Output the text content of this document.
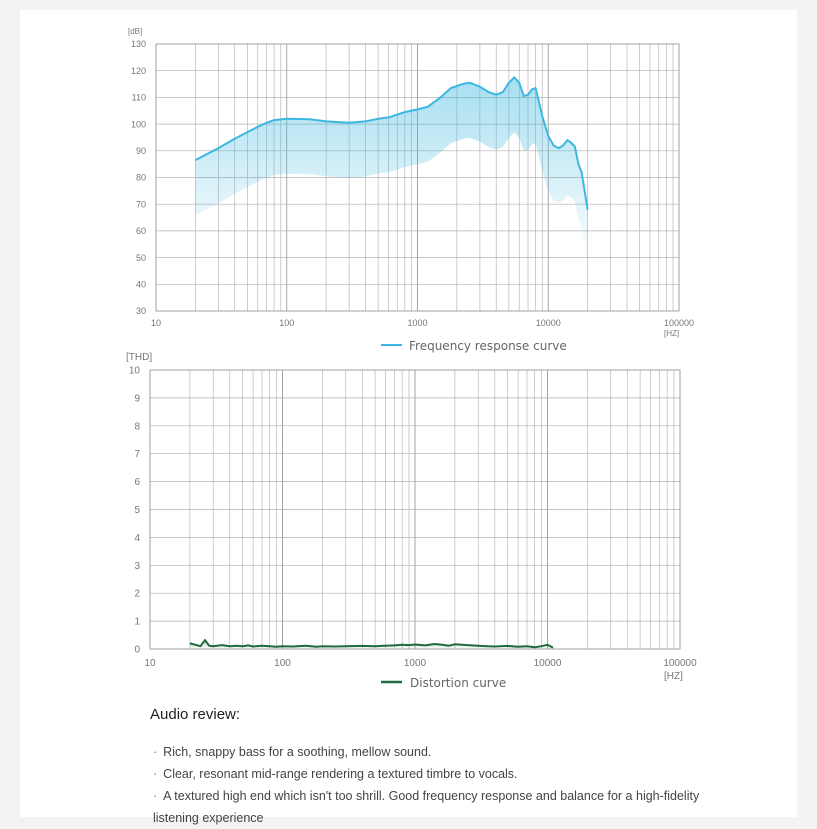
30
40
50
60
70
80
90
100
110
120
130
10	100	1000	10000	100000
[dB]
[HZ]
Frequency response curve
0
1
2
3
4
5
6
7
8
9
10
10	100	1000	10000	100000
[THD]
[HZ]
Distortion curve
Audio review:
· Rich, snappy bass for a soothing, mellow sound.
· Clear, resonant mid-range rendering a textured timbre to vocals.
· A textured high end which isn't too shrill. Good frequency response and balance for a high-fidelity listening experience
